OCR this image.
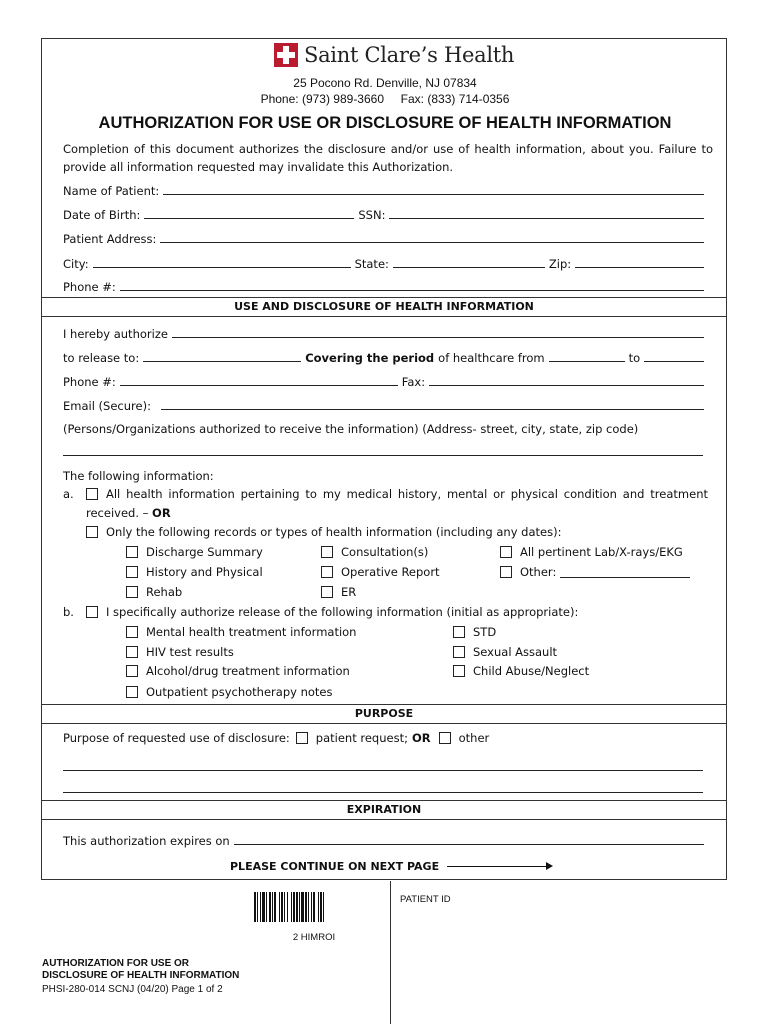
Saint Clare’s Health
25 Pocono Rd. Denville, NJ 07834
Phone: (973) 989-3660     Fax: (833) 714-0356
AUTHORIZATION FOR USE OR DISCLOSURE OF HEALTH INFORMATION
Completion of this document authorizes the disclosure and/or use of health information, about you. Failure to provide all information requested may invalidate this Authorization.
Name of Patient:
Date of Birth:	SSN:
Patient Address:
City:	State:	Zip:
Phone #:
USE AND DISCLOSURE OF HEALTH INFORMATION
I hereby authorize
to release to:	Covering the period of healthcare from	to
Phone #:	Fax:
Email (Secure):
(Persons/Organizations authorized to receive the information) (Address- street, city, state, zip code)
The following information:
a.	All health information pertaining to my medical history, mental or physical condition and treatment
received. – OR
Only the following records or types of health information (including any dates):
Discharge Summary	Consultation(s)	All pertinent Lab/X-rays/EKG
History and Physical	Operative Report	Other:
Rehab	ER
b.	I specifically authorize release of the following information (initial as appropriate):
Mental health treatment information	STD
HIV test results	Sexual Assault
Alcohol/drug treatment information	Child Abuse/Neglect
Outpatient psychotherapy notes
PURPOSE
Purpose of requested use of disclosure: patient request; OR other
EXPIRATION
This authorization expires on
PLEASE CONTINUE ON NEXT PAGE
2 HIMROI
PATIENT ID
AUTHORIZATION FOR USE OR
DISCLOSURE OF HEALTH INFORMATION
PHSI-280-014 SCNJ (04/20) Page 1 of 2
